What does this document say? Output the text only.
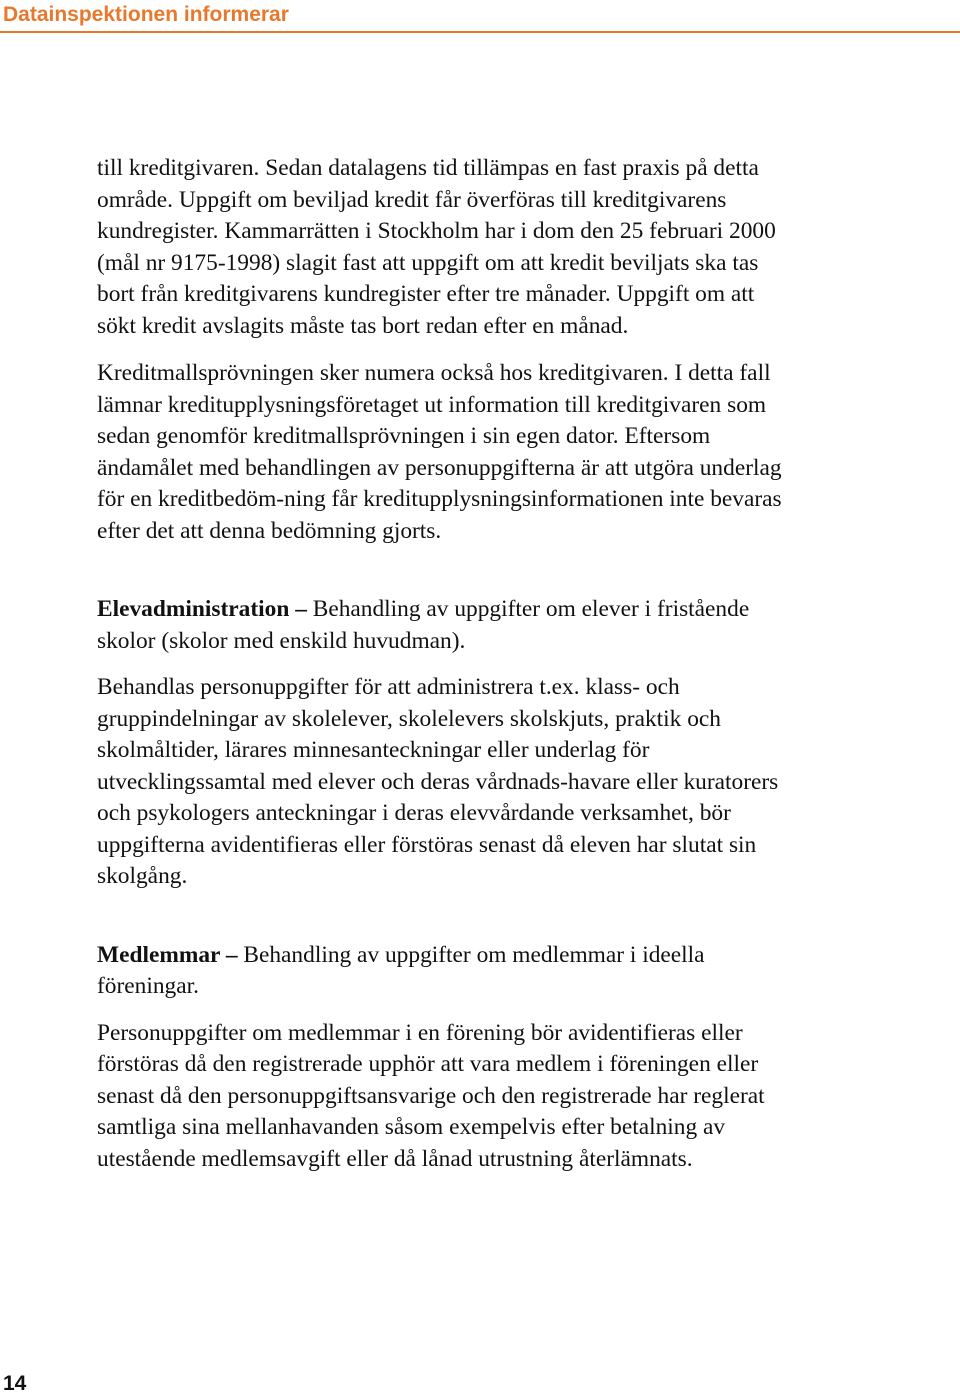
Datainspektionen informerar

till kreditgivaren. Sedan datalagens tid tillämpas en fast praxis på detta område. Uppgift om beviljad kredit får överföras till kreditgivarens kundregister. Kammarrätten i Stockholm har i dom den 25 februari 2000 (mål nr 9175-1998) slagit fast att uppgift om att kredit beviljats ska tas bort från kreditgivarens kundregister efter tre månader. Uppgift om att sökt kredit avslagits måste tas bort redan efter en månad.

Kreditmallsprövningen sker numera också hos kreditgivaren. I detta fall lämnar kreditupplysningsföretaget ut information till kreditgivaren som sedan genomför kreditmallsprövningen i sin egen dator. Eftersom ändamålet med behandlingen av personuppgifterna är att utgöra underlag för en kreditbedöm-ning får kreditupplysningsinformationen inte bevaras efter det att denna bedömning gjorts.

Elevadministration – Behandling av uppgifter om elever i fristående skolor (skolor med enskild huvudman).

Behandlas personuppgifter för att administrera t.ex. klass- och gruppindelningar av skolelever, skolelevers skolskjuts, praktik och skolmåltider, lärares minnesanteckningar eller underlag för utvecklingssamtal med elever och deras vårdnads-havare eller kuratorers och psykologers anteckningar i deras elevvårdande verksamhet, bör uppgifterna avidentifieras eller förstöras senast då eleven har slutat sin skolgång.

Medlemmar – Behandling av uppgifter om medlemmar i ideella föreningar.

Personuppgifter om medlemmar i en förening bör avidentifieras eller förstöras då den registrerade upphör att vara medlem i föreningen eller senast då den personuppgiftsansvarige och den registrerade har reglerat samtliga sina mellanhavanden såsom exempelvis efter betalning av utestående medlemsavgift eller då lånad utrustning återlämnats.

14
